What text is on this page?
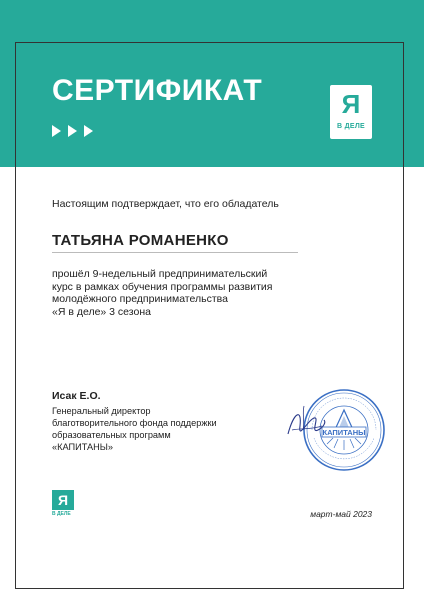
СЕРТИФИКАТ	Я
В ДЕЛЕ
Настоящим подтверждает, что его обладатель
ТАТЬЯНА РОМАНЕНКО
прошёл 9-недельный предпринимательский
курс в рамках обучения программы развития
молодёжного предпринимательства
«Я в деле» 3 сезона
Исак Е.О.
Генеральный директор
благотворительного фонда поддержки
образовательных программ
«КАПИТАНЫ»
КАПИТАНЫ
Я
В ДЕЛЕ	март-май 2023
